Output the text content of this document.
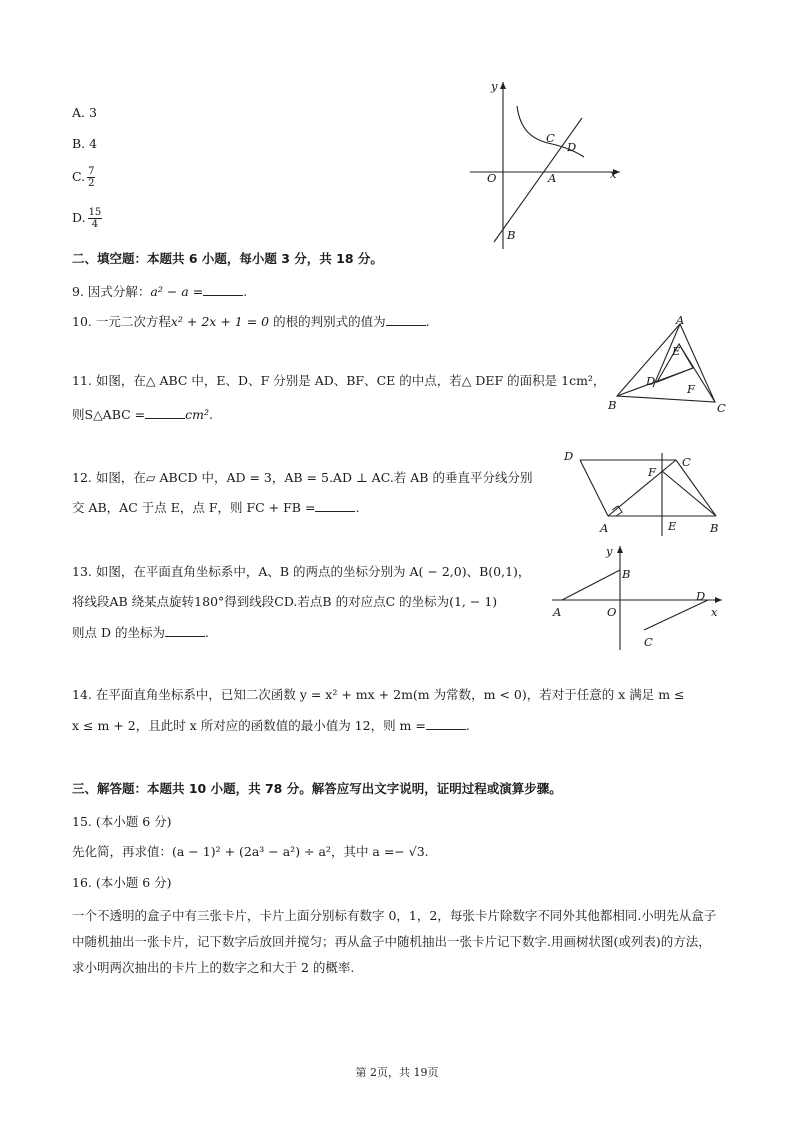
A. 3
B. 4
C. $\frac{7}{2}$
D. $\frac{15}{4}$
y
x
O	A
B
C
D
二、填空题：本题共 6 小题，每小题 3 分，共 18 分。
9. 因式分解：a² − a =	.
10. 一元二次方程x² + 2x + 1 = 0 的根的判别式的值为	.	A
B	C
D
E
F
11. 如图，在△ ABC 中，E、D、F 分别是 AD、BF、CE 的中点，若△ DEF 的面积是 1cm²，
则S△ABC =	cm².
D
A	B
C
F
E
12. 如图，在▱ ABCD 中，AD = 3，AB = 5.AD ⊥ AC.若 AB 的垂直平分线分别
交 AB，AC 于点 E，点 F，则 FC + FB =	.
y
x
O
A
B
C
D
13. 如图，在平面直角坐标系中，A、B 的两点的坐标分别为 A( − 2,0)、B(0,1)，
将线段AB 绕某点旋转180°得到线段CD.若点B 的对应点C 的坐标为(1, − 1)
则点 D 的坐标为	.
14. 在平面直角坐标系中，已知二次函数 y = x² + mx + 2m(m 为常数，m < 0)，若对于任意的 x 满足 m ≤
x ≤ m + 2，且此时 x 所对应的函数值的最小值为 12，则 m =	.
三、解答题：本题共 10 小题，共 78 分。解答应写出文字说明，证明过程或演算步骤。
15. (本小题 6 分)
先化简，再求值：(a − 1)² + (2a³ − a²) ÷ a²，其中 a =− √3.
16. (本小题 6 分)
一个不透明的盒子中有三张卡片，卡片上面分别标有数字 0，1，2，每张卡片除数字不同外其他都相同.小明先从盒子中随机抽出一张卡片，记下数字后放回并搅匀；再从盒子中随机抽出一张卡片记下数字.用画树状图(或列表)的方法，求小明两次抽出的卡片上的数字之和大于 2 的概率.
第 2页，共 19页
